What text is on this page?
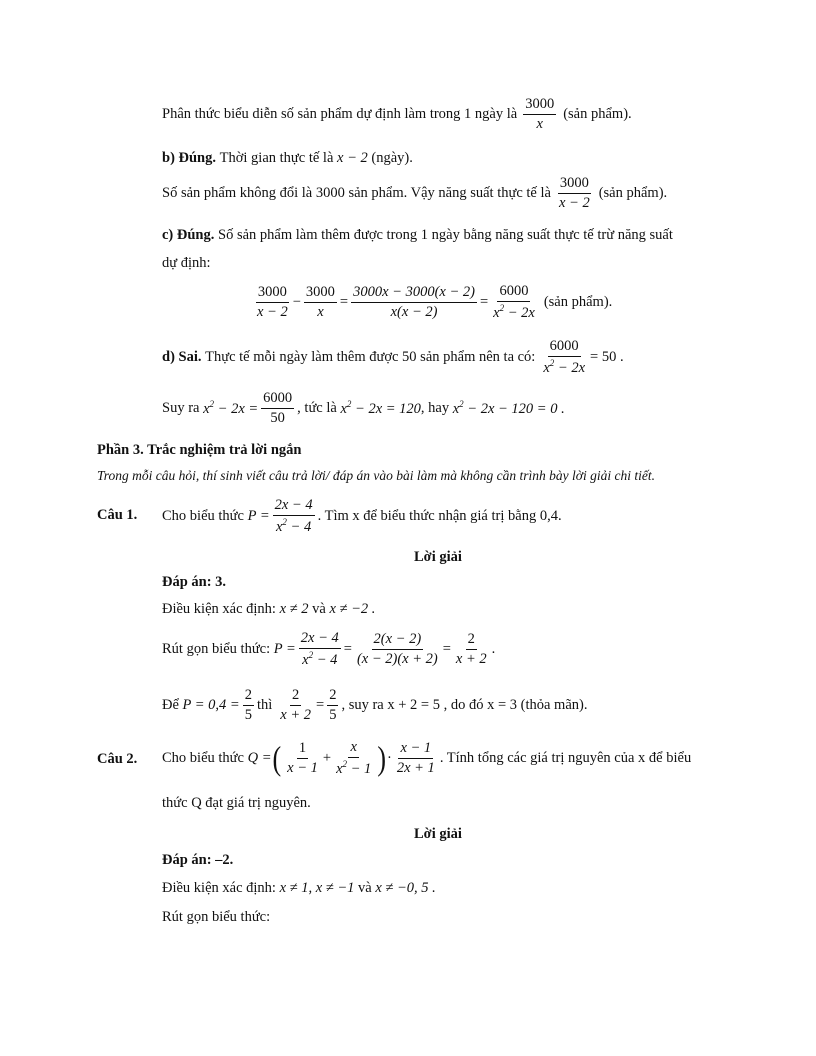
Phân thức biểu diễn số sản phẩm dự định làm trong 1 ngày là $\frac{3000}{x}$ (sản phẩm).
b) Đúng.
Thời gian thực tế là
x − 2
(ngày).
Số sản phẩm không đổi là 3000 sản phẩm. Vậy năng suất thực tế là $\frac{3000}{x - 2}$ (sản phẩm).
c) Đúng.
Số sản phẩm làm thêm được trong 1 ngày bằng năng suất thực tế trừ năng suất
dự định:
$\frac{3000}{x - 2} - \frac{3000}{x} = \frac{3000x - 3000(x - 2)}{x(x - 2)} = \frac{6000}{x^2 - 2x}$ (sản phẩm).
d) Sai.
Thực tế mỗi ngày làm thêm được 50 sản phẩm nên ta có: $\frac{6000}{x^2 - 2x} = 50$ .
Suy ra
$x^2 - 2x = \frac{6000}{50}$ , tức là
$x^2 - 2x = 120$ , hay
$x^2 - 2x - 120 = 0$ .
Phần 3. Trắc nghiệm trả lời ngắn
Trong mỗi câu hỏi, thí sinh viết câu trả lời/ đáp án vào bài làm mà không cần trình bày lời giải chi tiết.
Câu 1. Cho biểu thức
$P = \frac{2x - 4}{x^2 - 4}$ . Tìm x để biểu thức nhận giá trị bằng 0,4.
Lời giải
Đáp án: 3.
Điều kiện xác định:
x ≠ 2
và
x ≠ −2 .
Rút gọn biểu thức:
$P = \frac{2x - 4}{x^2 - 4} = \frac{2(x - 2)}{(x - 2)(x + 2)} = \frac{2}{x + 2}$ .
Để
$P = 0,4 = \frac{2}{5}$ thì $\frac{2}{x + 2} = \frac{2}{5}$ , suy ra x + 2 = 5 , do đó x = 3 (thỏa mãn).
Câu 2. Cho biểu thức
Q = ( $\frac{1}{x - 1} + \frac{x}{x^2 - 1}$ ) · $\frac{x - 1}{2x + 1}$ . Tính tổng các giá trị nguyên của x để biểu
thức Q đạt giá trị nguyên.
Lời giải
Đáp án: –2.
Điều kiện xác định:
x ≠ 1, x ≠ −1
và
x ≠ −0, 5 .
Rút gọn biểu thức:
